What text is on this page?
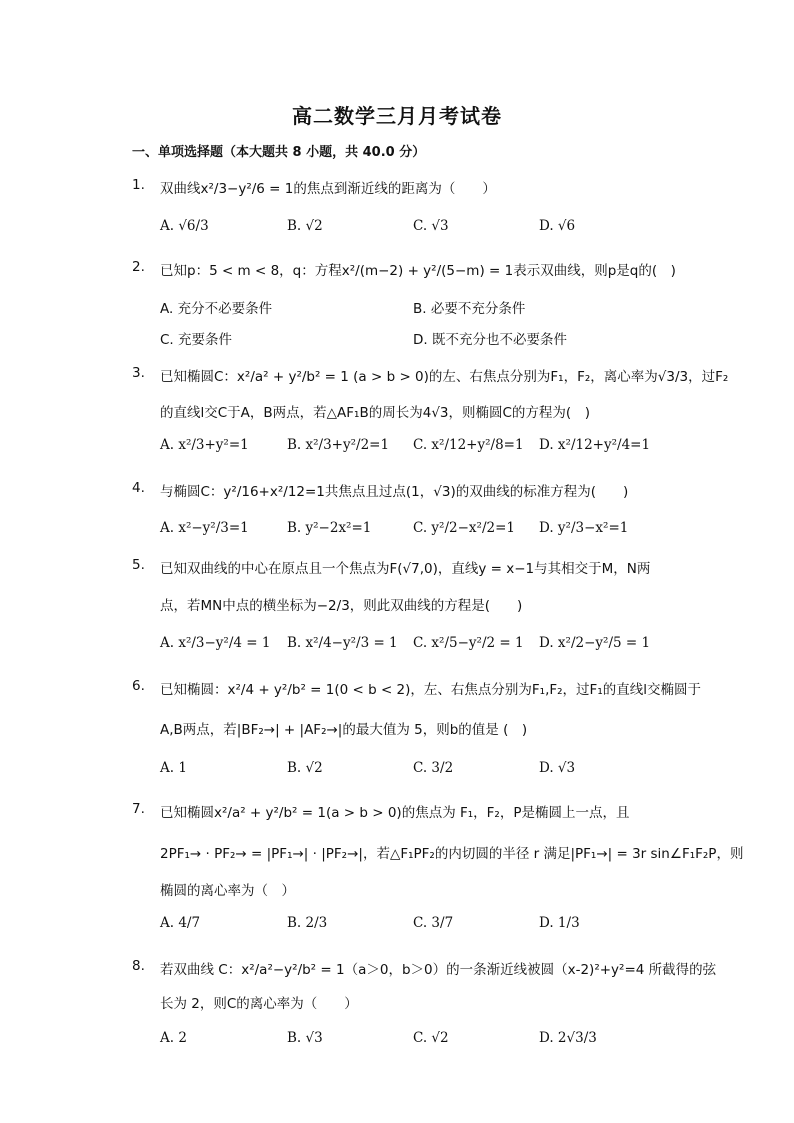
高二数学三月月考试卷
一、单项选择题（本大题共 8 小题，共 40.0 分）
1. 双曲线x²/3−y²/6 = 1的焦点到渐近线的距离为（　　）
A. √6/3	B. √2	C. √3	D. √6
2. 已知p：5 < m < 8，q：方程x²/(m−2) + y²/(5−m) = 1表示双曲线，则p是q的(　)
A. 充分不必要条件	B. 必要不充分条件
C. 充要条件	D. 既不充分也不必要条件
3. 已知椭圆C：x²/a² + y²/b² = 1 (a > b > 0)的左、右焦点分别为F₁，F₂，离心率为√3/3，过F₂
的直线l交C于A，B两点，若△AF₁B的周长为4√3，则椭圆C的方程为(　)
A. x²/3+y²=1	B. x²/3+y²/2=1 C. x²/12+y²/8=1 D. x²/12+y²/4=1
4. 与椭圆C：y²/16+x²/12=1共焦点且过点(1，√3)的双曲线的标准方程为(　　)
A. x²−y²/3=1	B. y²−2x²=1	C. y²/2−x²/2=1 D. y²/3−x²=1
5. 已知双曲线的中心在原点且一个焦点为F(√7,0)，直线y = x−1与其相交于M，N两
点，若MN中点的横坐标为−2/3，则此双曲线的方程是(　　)
A. x²/3−y²/4 = 1 B. x²/4−y²/3 = 1 C. x²/5−y²/2 = 1 D. x²/2−y²/5 = 1
6. 已知椭圆：x²/4 + y²/b² = 1(0 < b < 2)，左、右焦点分别为F₁,F₂，过F₁的直线l交椭圆于
A,B两点，若|BF₂→| + |AF₂→|的最大值为 5，则b的值是 (　)
A. 1	B. √2	C. 3/2	D. √3
7. 已知椭圆x²/a² + y²/b² = 1(a > b > 0)的焦点为 F₁，F₂，P是椭圆上一点，且
2PF₁→ · PF₂→ = |PF₁→| · |PF₂→|，若△F₁PF₂的内切圆的半径 r 满足|PF₁→| = 3r sin∠F₁F₂P，则
椭圆的离心率为（　）
A. 4/7	B. 2/3	C. 3/7	D. 1/3
8. 若双曲线 C：x²/a²−y²/b² = 1（a＞0，b＞0）的一条渐近线被圆（x-2)²+y²=4 所截得的弦
长为 2，则C的离心率为（　　）
A. 2	B. √3	C. √2	D. 2√3/3
